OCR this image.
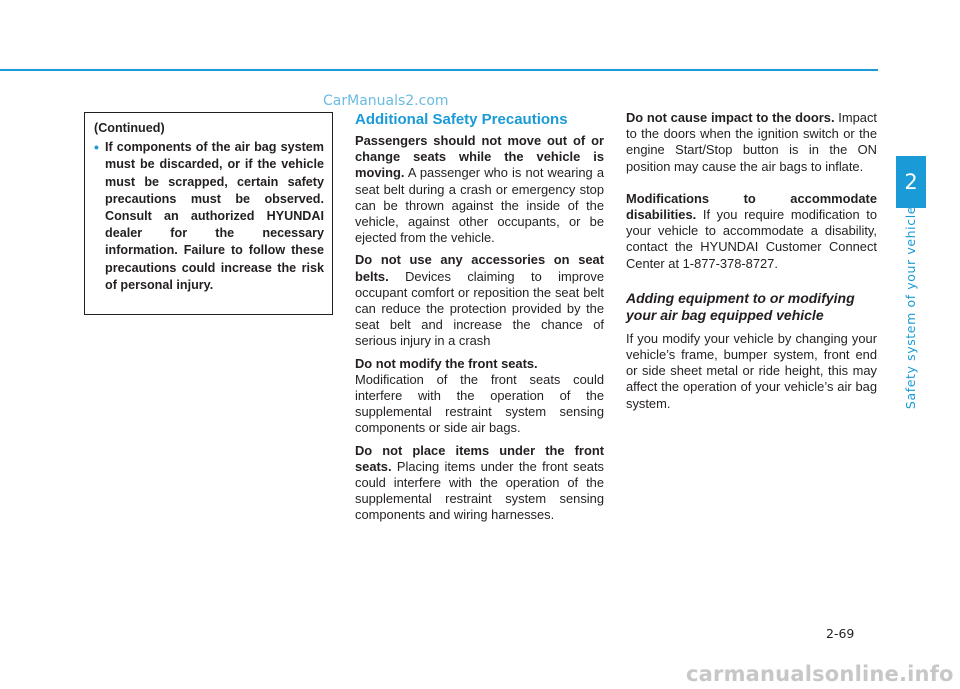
2
Safety system of your vehicle
CarManuals2.com
(Continued)
• If components of the air bag system must be discarded, or if the vehicle must be scrapped, certain safety precautions must be observed. Consult an authorized HYUNDAI dealer for the necessary information. Failure to follow these precautions could increase the risk of personal injury.
Additional Safety Precautions

Passengers should not move out of or change seats while the vehicle is moving. A passenger who is not wearing a seat belt during a crash or emergency stop can be thrown against the inside of the vehicle, against other occupants, or be ejected from the vehicle.

Do not use any accessories on seat belts. Devices claiming to improve occupant comfort or reposition the seat belt can reduce the protection provided by the seat belt and increase the chance of serious injury in a crash

Do not modify the front seats.
Modification of the front seats could interfere with the operation of the supplemental restraint system sensing components or side air bags.

Do not place items under the front seats. Placing items under the front seats could interfere with the operation of the supplemental restraint system sensing components and wiring harnesses.

Do not cause impact to the doors. Impact to the doors when the ignition switch or the engine Start/Stop button is in the ON position may cause the air bags to inflate.

Modifications to accommodate disabilities. If you require modification to your vehicle to accommodate a disability, contact the HYUNDAI Customer Connect Center at 1-877-378-8727.

Adding equipment to or modifying your air bag equipped vehicle

If you modify your vehicle by changing your vehicle’s frame, bumper system, front end or side sheet metal or ride height, this may affect the operation of your vehicle’s air bag system.

2-69
carmanualsonline.info
